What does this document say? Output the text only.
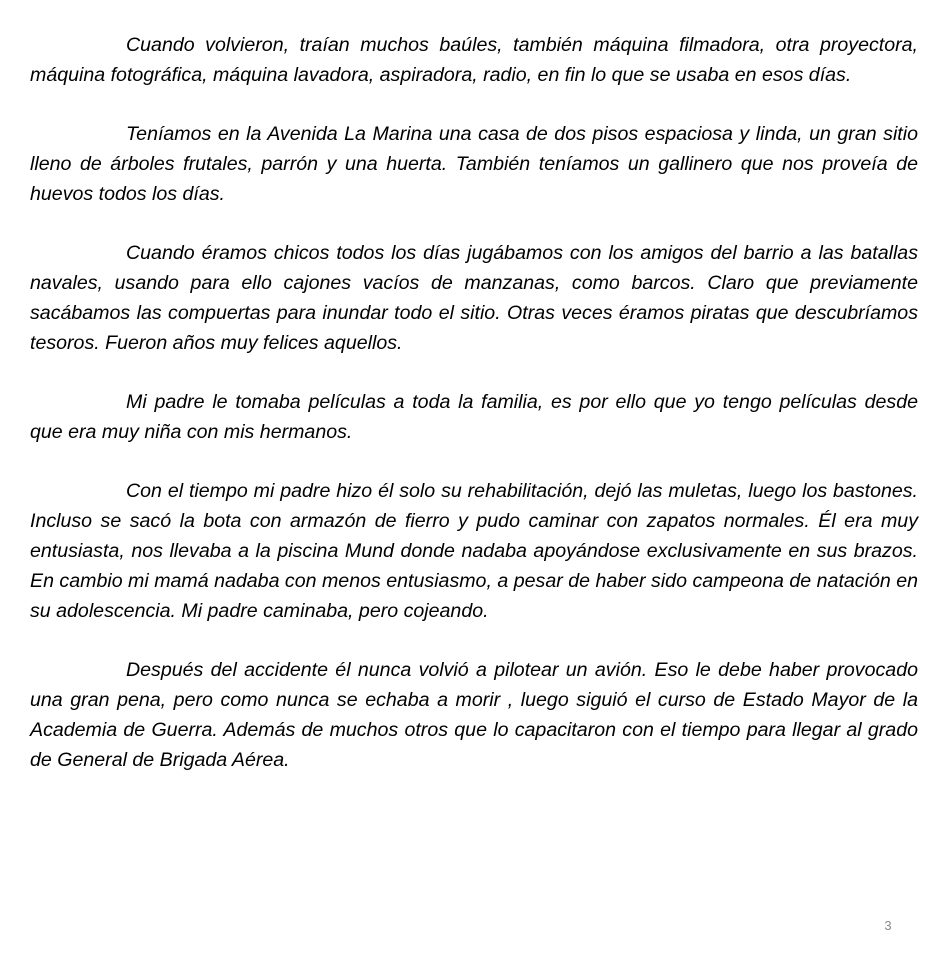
Cuando volvieron, traían muchos baúles, también máquina filmadora, otra proyectora, máquina fotográfica, máquina lavadora, aspiradora, radio, en fin lo que se usaba en esos días.

Teníamos en la Avenida La Marina una casa de dos pisos espaciosa y linda, un gran sitio lleno de árboles frutales, parrón y una huerta. También teníamos un gallinero que nos proveía de huevos todos los días.

Cuando éramos chicos todos los días jugábamos con los amigos del barrio a las batallas navales, usando para ello cajones vacíos de manzanas, como barcos. Claro que previamente sacábamos las compuertas para inundar todo el sitio. Otras veces éramos piratas que descubríamos tesoros. Fueron años muy felices aquellos.

Mi padre le tomaba películas a toda la familia, es por ello que yo tengo películas desde que era muy niña con mis hermanos.

Con el tiempo mi padre hizo él solo su rehabilitación, dejó las muletas, luego los bastones. Incluso se sacó la bota con armazón de fierro y pudo caminar con zapatos normales. Él era muy entusiasta, nos llevaba a la piscina Mund donde nadaba apoyándose exclusivamente en sus brazos. En cambio mi mamá nadaba con menos entusiasmo, a pesar de haber sido campeona de natación en su adolescencia. Mi padre caminaba, pero cojeando.

Después del accidente él nunca volvió a pilotear un avión. Eso le debe haber provocado una gran pena, pero como nunca se echaba a morir , luego siguió el curso de Estado Mayor de la Academia de Guerra. Además de muchos otros que lo capacitaron con el tiempo para llegar al grado de General de Brigada Aérea.

3
